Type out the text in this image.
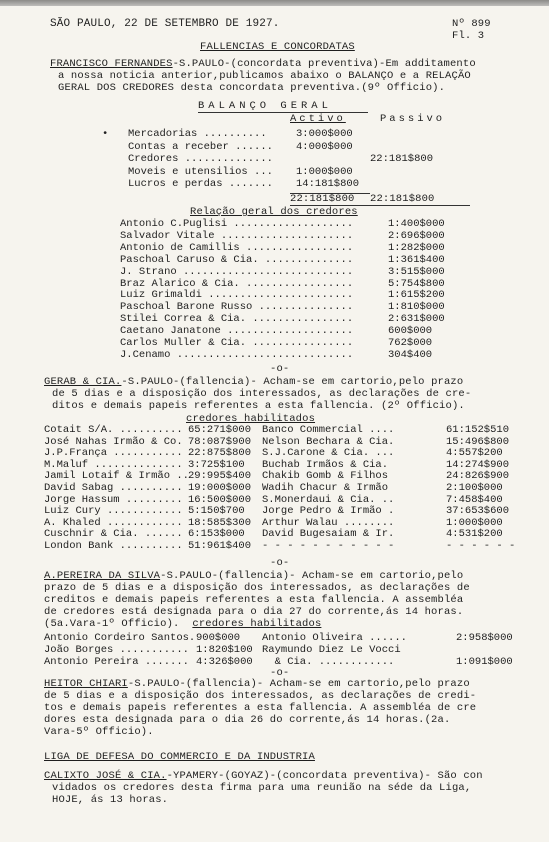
SÃO PAULO, 22 DE SETEMBRO DE 1927.	Nº 899
Fl. 3
FALLENCIAS E CONCORDATAS
FRANCISCO FERNANDES-S.PAULO-(concordata preventiva)-Em additamento
a nossa noticia anterior,publicamos abaixo o BALANÇO e a RELAÇÃO
GERAL DOS CREDORES desta concordata preventiva.(9º Officio).
BALANÇO GERAL
Activo	Passivo
• Mercadorias ..........	3:000$000
Contas a receber ...... 4:000$000
Credores ..............	22:181$800
Moveis e utensilios ... 1:000$000
Lucros e perdas ....... 14:181$800
22:181$800 22:181$800
Relação geral dos credores
Antonio C.Puglisi ...................	1:400$000
Salvador Vitale .....................	2:696$000
Antonio de Camillis .................	1:282$000
Paschoal Caruso & Cia. ..............	1:361$400
J. Strano ...........................	3:515$000
Braz Alarico & Cia. .................	5:754$800
Luiz Grimaldi .......................	1:615$200
Paschoal Barone Russo ...............	1:810$000
Stilei Correa & Cia. ................	2:631$000
Caetano Janatone ....................	600$000
Carlos Muller & Cia. ................	762$000
J.Cenamo ............................	304$400
-o-
GERAB & CIA.-S.PAULO-(fallencia)- Acham-se em cartorio,pelo prazo
de 5 dias e a disposição dos interessados, as declarações de cre-
ditos e demais papeis referentes a esta fallencia. (2º Officio).
credores habilitados
Cotait S/A. .......... 65:271$000 Banco Commercial ....	61:152$510
José Nahas Irmão & Co. 78:087$900 Nelson Bechara & Cia.	15:496$800
J.P.França ........... 22:875$800 S.J.Carone & Cia. ...	4:557$200
M.Maluf .............. 3:725$100 Buchab Irmãos & Cia.	14:274$900
Jamil Lotaif & Irmão .. 29:995$400 Chakib Gomb & Filhos	24:826$900
David Sabag .......... 19:000$000 Wadih Chacur & Irmão	2:100$000
Jorge Hassum ......... 16:500$000 S.Monerdaui & Cia. ..	7:458$400
Luiz Cury ............ 5:150$700 Jorge Pedro & Irmão .	37:653$600
A. Khaled ............ 18:585$300 Arthur Walau ........	1:000$000
Cuschnir & Cia. ...... 6:153$000 David Bugesaiam & Ir.	4:531$200
London Bank .......... 51:961$400 - - - - - - - - - - -	- - - - - -
-o-
A.PEREIRA DA SILVA-S.PAULO-(fallencia)- Acham-se em cartorio,pelo
prazo de 5 dias e a disposição dos interessados, as declarações de
creditos e demais papeis referentes a esta fallencia. A assembléa
de credores está designada para o dia 27 do corrente,ás 14 horas.
(5a.Vara-1º Officio).  credores habilitados
Antonio Cordeiro Santos. 900$000 Antonio Oliveira ......	2:958$000
João Borges ........... 1:820$100 Raymundo Diez Le Vocci
Antonio Pereira ....... 4:326$000 & Cia. ............	1:091$000
-o-
HEITOR CHIARI-S.PAULO-(fallencia)- Acham-se em cartorio,pelo prazo
de 5 dias e a disposição dos interessados, as declarações de credi-
tos e demais papeis referentes a esta fallencia. A assembléa de cre
dores esta designada para o dia 26 do corrente,ás 14 horas.(2a.
Vara-5º Officio).
LIGA DE DEFESA DO COMMERCIO E DA INDUSTRIA
CALIXTO JOSÉ & CIA.-YPAMERY-(GOYAZ)-(concordata preventiva)- São con
vidados os credores desta firma para uma reunião na séde da Liga,
HOJE, ás 13 horas.
